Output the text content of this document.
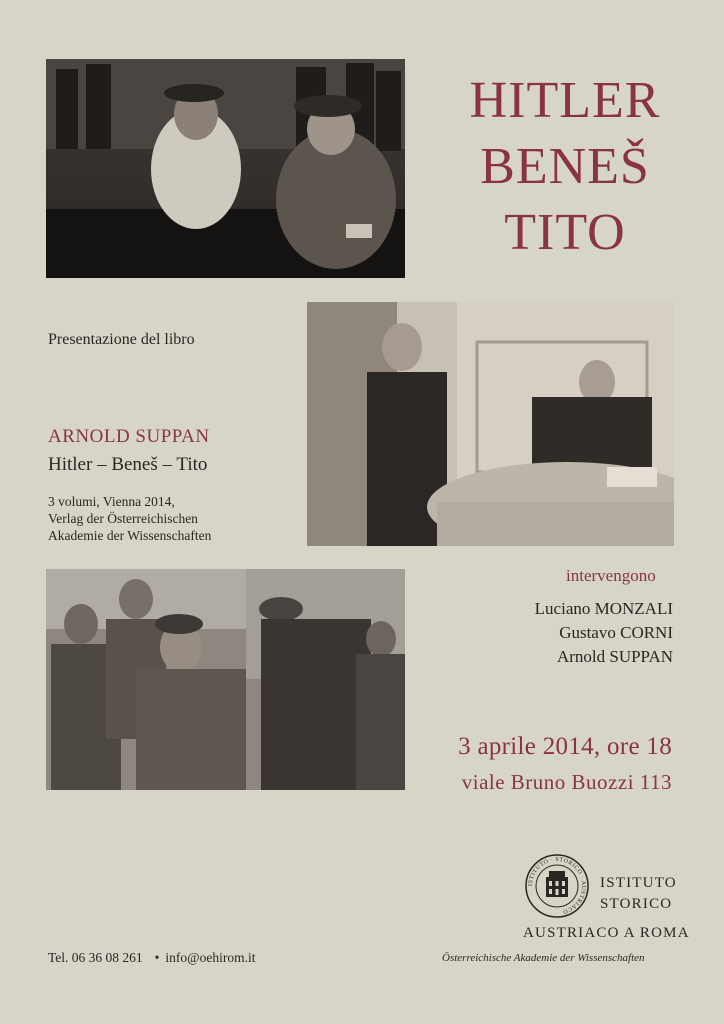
HITLER
BENEŠ
TITO
Presentazione del libro
ARNOLD SUPPAN
Hitler – Beneš – Tito
3 volumi, Vienna 2014,
Verlag der Österreichischen
Akademie der Wissenschaften
intervengono
Luciano MONZALI
Gustavo CORNI
Arnold SUPPAN
3 aprile 2014, ore 18
viale Bruno Buozzi 113
ISTITUTO · STORICO · AUSTRIACO
ISTITUTO
STORICO
AUSTRIACO A ROMA
Österreichische Akademie der Wissenschaften
Tel. 06 36 08 261 • info@oehirom.it
